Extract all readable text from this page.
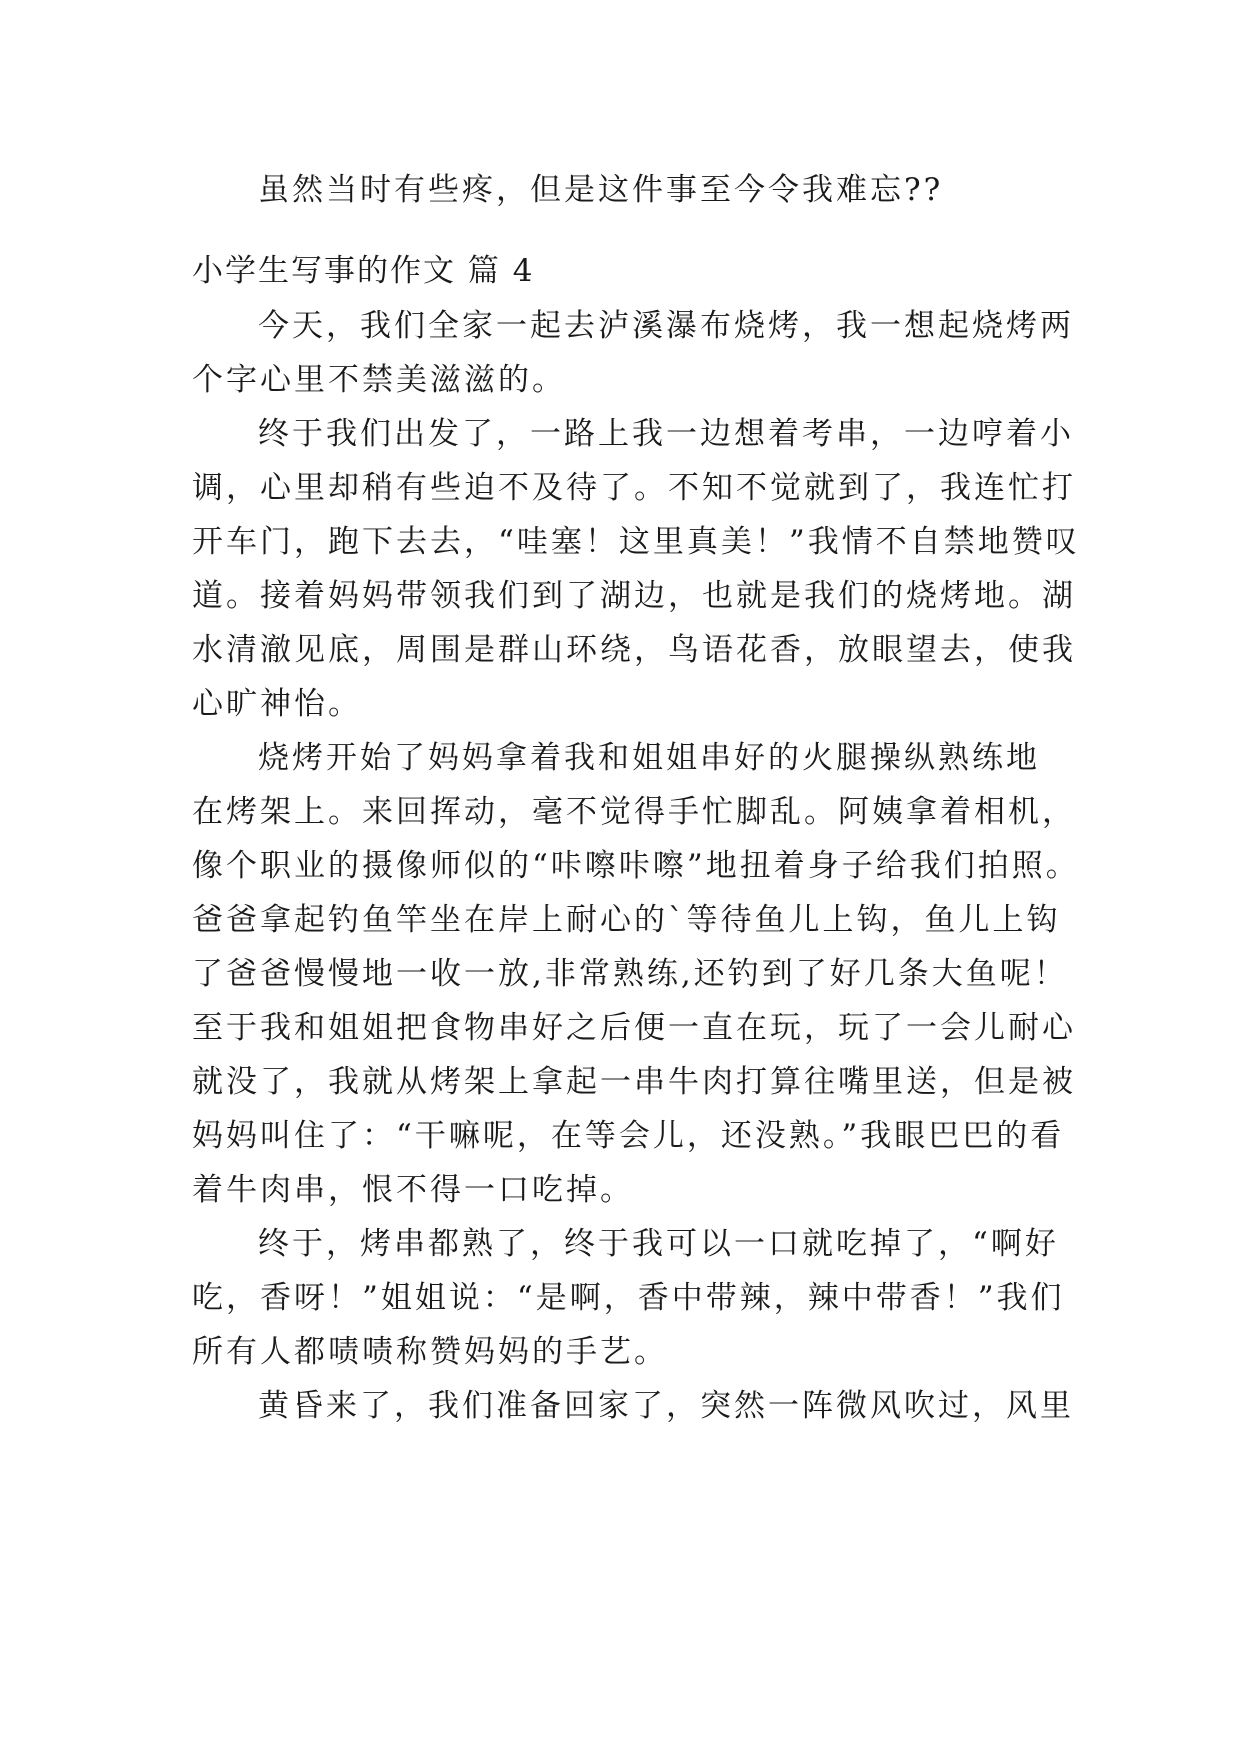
虽然当时有些疼，但是这件事至今令我难忘??
小学生写事的作文 篇 4
今天，我们全家一起去泸溪瀑布烧烤，我一想起烧烤两
个字心里不禁美滋滋的。
终于我们出发了，一路上我一边想着考串，一边哼着小
调，心里却稍有些迫不及待了。不知不觉就到了，我连忙打
开车门，跑下去去，“哇塞！这里真美！”我情不自禁地赞叹
道。接着妈妈带领我们到了湖边，也就是我们的烧烤地。湖
水清澈见底，周围是群山环绕，鸟语花香，放眼望去，使我
心旷神怡。
烧烤开始了妈妈拿着我和姐姐串好的火腿操纵熟练地
在烤架上。来回挥动，毫不觉得手忙脚乱。阿姨拿着相机，
像个职业的摄像师似的“咔嚓咔嚓”地扭着身子给我们拍照。
爸爸拿起钓鱼竿坐在岸上耐心的`等待鱼儿上钩，鱼儿上钩
了爸爸慢慢地一收一放,非常熟练,还钓到了好几条大鱼呢！
至于我和姐姐把食物串好之后便一直在玩，玩了一会儿耐心
就没了，我就从烤架上拿起一串牛肉打算往嘴里送，但是被
妈妈叫住了：“干嘛呢，在等会儿，还没熟。”我眼巴巴的看
着牛肉串，恨不得一口吃掉。
终于，烤串都熟了，终于我可以一口就吃掉了，“啊好
吃，香呀！”姐姐说：“是啊，香中带辣，辣中带香！”我们
所有人都啧啧称赞妈妈的手艺。
黄昏来了，我们准备回家了，突然一阵微风吹过，风里
